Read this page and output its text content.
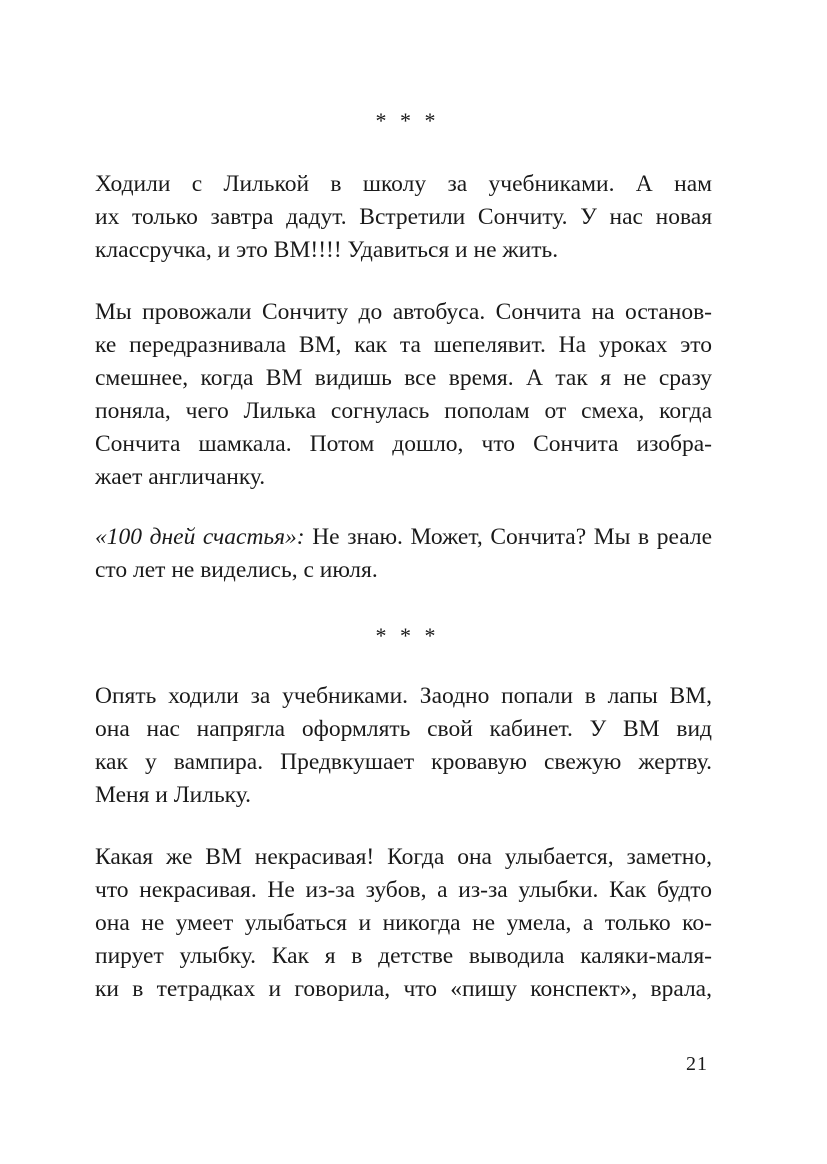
* * *
Ходили с Лилькой в школу за учебниками. А нам
их только завтра дадут. Встретили Сончиту. У нас новая
классручка, и это ВМ!!!! Удавиться и не жить.
Мы провожали Сончиту до автобуса. Сончита на останов-
ке передразнивала ВМ, как та шепелявит. На уроках это
смешнее, когда ВМ видишь все время. А так я не сразу
поняла, чего Лилька согнулась пополам от смеха, когда
Сончита шамкала. Потом дошло, что Сончита изобра-
жает англичанку.
«100 дней счастья»: Не знаю. Может, Сончита? Мы в реале
сто лет не виделись, с июля.
* * *
Опять ходили за учебниками. Заодно попали в лапы ВМ,
она нас напрягла оформлять свой кабинет. У ВМ вид
как у вампира. Предвкушает кровавую свежую жертву.
Меня и Лильку.
Какая же ВМ некрасивая! Когда она улыбается, заметно,
что некрасивая. Не из-за зубов, а из-за улыбки. Как будто
она не умеет улыбаться и никогда не умела, а только ко-
пирует улыбку. Как я в детстве выводила каляки-маля-
ки в тетрадках и говорила, что «пишу конспект», врала,
21
